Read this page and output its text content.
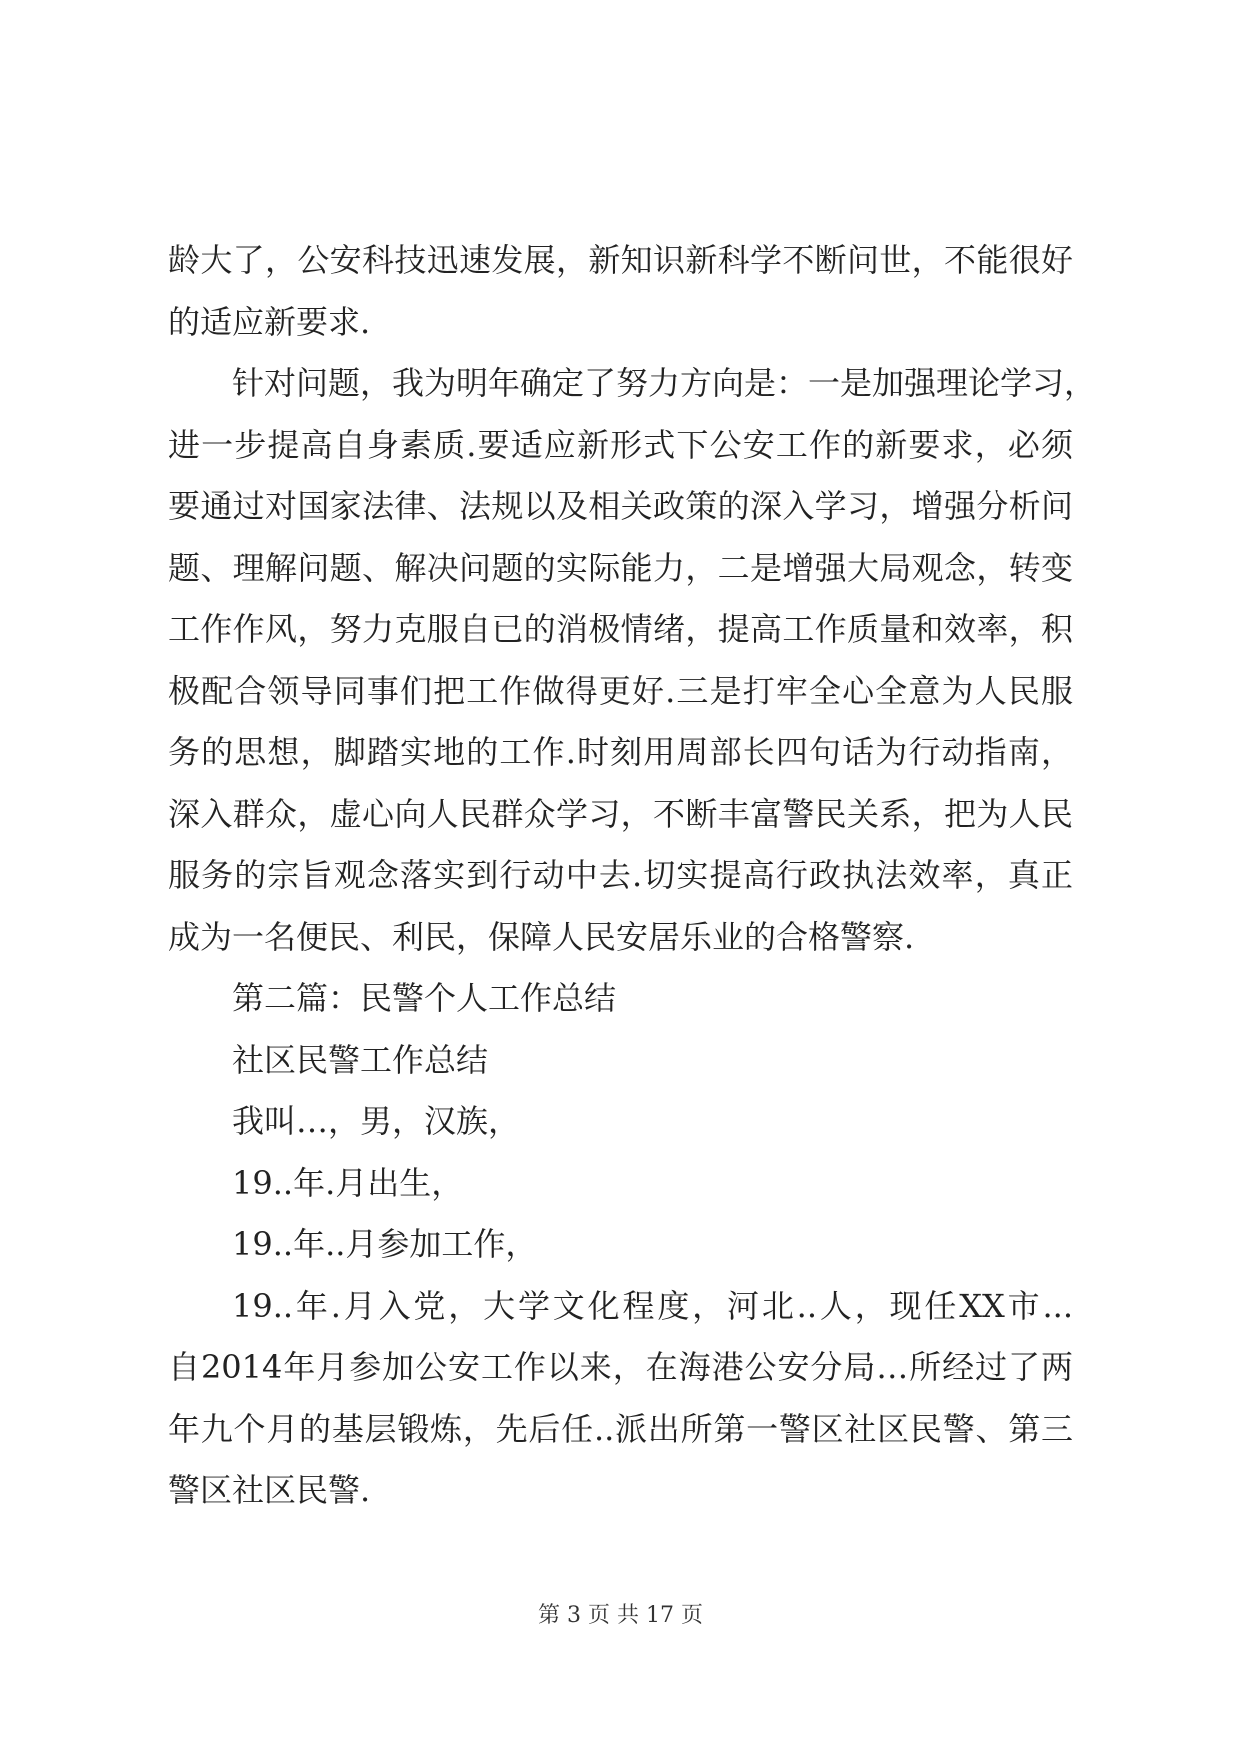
龄大了，公安科技迅速发展，新知识新科学不断问世，不能很好
的适应新要求.
针对问题，我为明年确定了努力方向是：一是加强理论学习，
进一步提高自身素质.要适应新形式下公安工作的新要求，必须
要通过对国家法律、法规以及相关政策的深入学习，增强分析问
题、理解问题、解决问题的实际能力，二是增强大局观念，转变
工作作风，努力克服自已的消极情绪，提高工作质量和效率，积
极配合领导同事们把工作做得更好.三是打牢全心全意为人民服
务的思想，脚踏实地的工作.时刻用周部长四句话为行动指南，
深入群众，虚心向人民群众学习，不断丰富警民关系，把为人民
服务的宗旨观念落实到行动中去.切实提高行政执法效率，真正
成为一名便民、利民，保障人民安居乐业的合格警察.
第二篇：民警个人工作总结
社区民警工作总结
我叫…，男，汉族，
19..年.月出生，
19..年..月参加工作，
19..年.月入党，大学文化程度，河北..人，现任XX市...
自2014年月参加公安工作以来，在海港公安分局…所经过了两
年九个月的基层锻炼，先后任..派出所第一警区社区民警、第三
警区社区民警.
第 3 页 共 17 页
